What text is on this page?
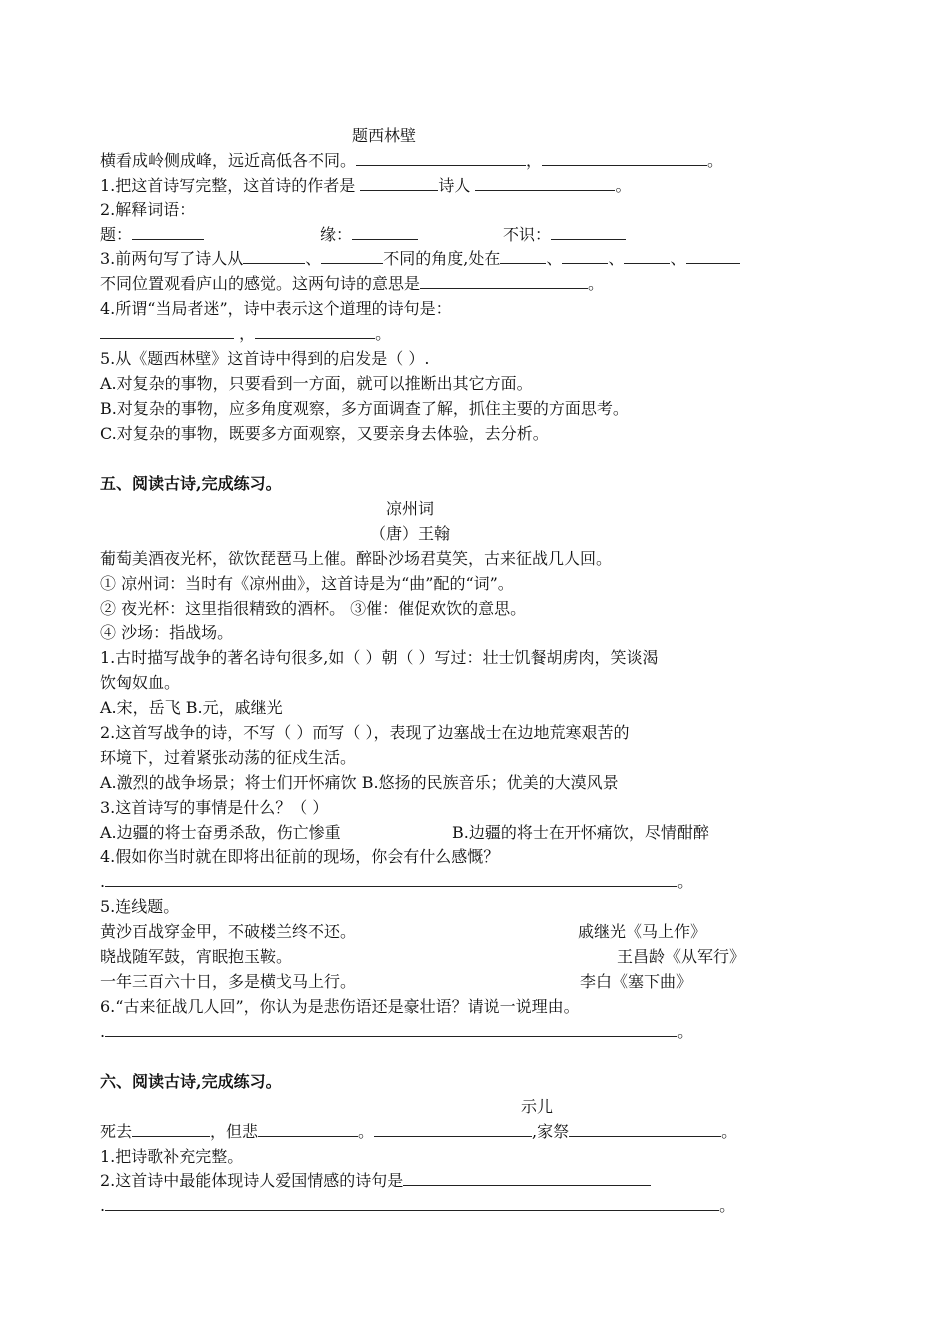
题西林壁
横看成岭侧成峰，远近高低各不同。	，	。
1.把这首诗写完整，这首诗的作者是	诗人	。
2.解释词语：
题：	缘：	不识：
3.前两句写了诗人从	、	不同的角度,处在	、	、	、
不同位置观看庐山的感觉。这两句诗的意思是	。
4.所谓“当局者迷”，诗中表示这个道理的诗句是：
，	。
5.从《题西林壁》这首诗中得到的启发是（ ）.
A.对复杂的事物，只要看到一方面，就可以推断出其它方面。
B.对复杂的事物，应多角度观察，多方面调查了解，抓住主要的方面思考。
C.对复杂的事物，既要多方面观察，又要亲身去体验，去分析。
五、阅读古诗,完成练习。
凉州词
（唐）王翰
葡萄美酒夜光杯，欲饮琵琶马上催。醉卧沙场君莫笑，古来征战几人回。
① 凉州词：当时有《凉州曲》，这首诗是为“曲”配的“词”。
② 夜光杯：这里指很精致的酒杯。 ③催：催促欢饮的意思。
④ 沙场：指战场。
1.古时描写战争的著名诗句很多,如（ ）朝（ ）写过：壮士饥餐胡虏肉，笑谈渴
饮匈奴血。
A.宋，岳飞 B.元，戚继光
2.这首写战争的诗，不写（ ）而写（ ），表现了边塞战士在边地荒寒艰苦的
环境下，过着紧张动荡的征戍生活。
A.激烈的战争场景；将士们开怀痛饮 B.悠扬的民族音乐；优美的大漠风景
3.这首诗写的事情是什么？（ ）
A.边疆的将士奋勇杀敌，伤亡惨重	B.边疆的将士在开怀痛饮，尽情酣醉
4.假如你当时就在即将出征前的现场，你会有什么感慨？
.	。
5.连线题。
黄沙百战穿金甲，不破楼兰终不还。	戚继光《马上作》
晓战随军鼓，宵眠抱玉鞍。	王昌龄《从军行》
一年三百六十日，多是横戈马上行。	李白《塞下曲》
6.“古来征战几人回”，你认为是悲伤语还是豪壮语？请说一说理由。
.	。
六、阅读古诗,完成练习。
示儿
死去	，但悲	。	,家祭	。
1.把诗歌补充完整。
2.这首诗中最能体现诗人爱国情感的诗句是
.	。
